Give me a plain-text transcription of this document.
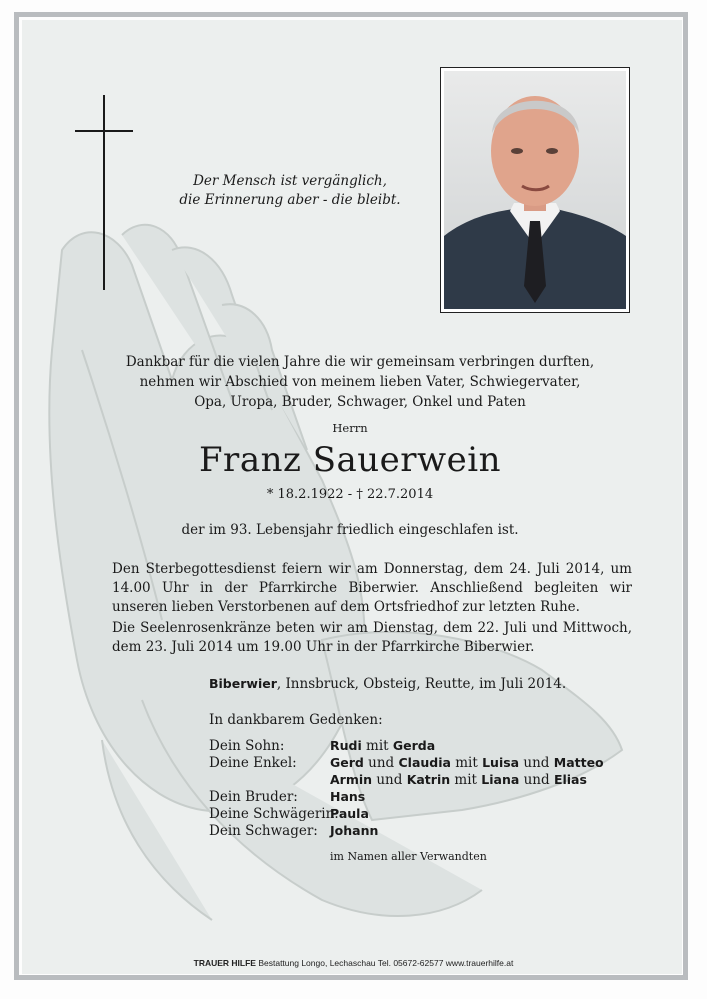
Der Mensch ist vergänglich,
die Erinnerung aber - die bleibt.
Dankbar für die vielen Jahre die wir gemeinsam verbringen durften,
nehmen wir Abschied von meinem lieben Vater, Schwiegervater,
Opa, Uropa, Bruder, Schwager, Onkel und Paten
Herrn
Franz Sauerwein
* 18.2.1922 - † 22.7.2014
der im 93. Lebensjahr friedlich eingeschlafen ist.
Den Sterbegottesdienst feiern wir am Donnerstag, dem 24. Juli 2014, um 14.00 Uhr in der Pfarrkirche Biberwier. Anschließend begleiten wir unseren lieben Verstorbenen auf dem Ortsfriedhof zur letzten Ruhe.
Die Seelenrosenkränze beten wir am Dienstag, dem 22. Juli und Mittwoch, dem 23. Juli 2014 um 19.00 Uhr in der Pfarrkirche Biberwier.
Biberwier, Innsbruck, Obsteig, Reutte, im Juli 2014.
In dankbarem Gedenken:
Dein Sohn:	Rudi mit Gerda
Deine Enkel:	Gerd und Claudia mit Luisa und Matteo
Armin und Katrin mit Liana und Elias
Dein Bruder:	Hans
Deine Schwägerin:
Paula
Dein Schwager: Johann
im Namen aller Verwandten
TRAUER HILFE Bestattung Longo, Lechaschau Tel. 05672-62577 www.trauerhilfe.at
